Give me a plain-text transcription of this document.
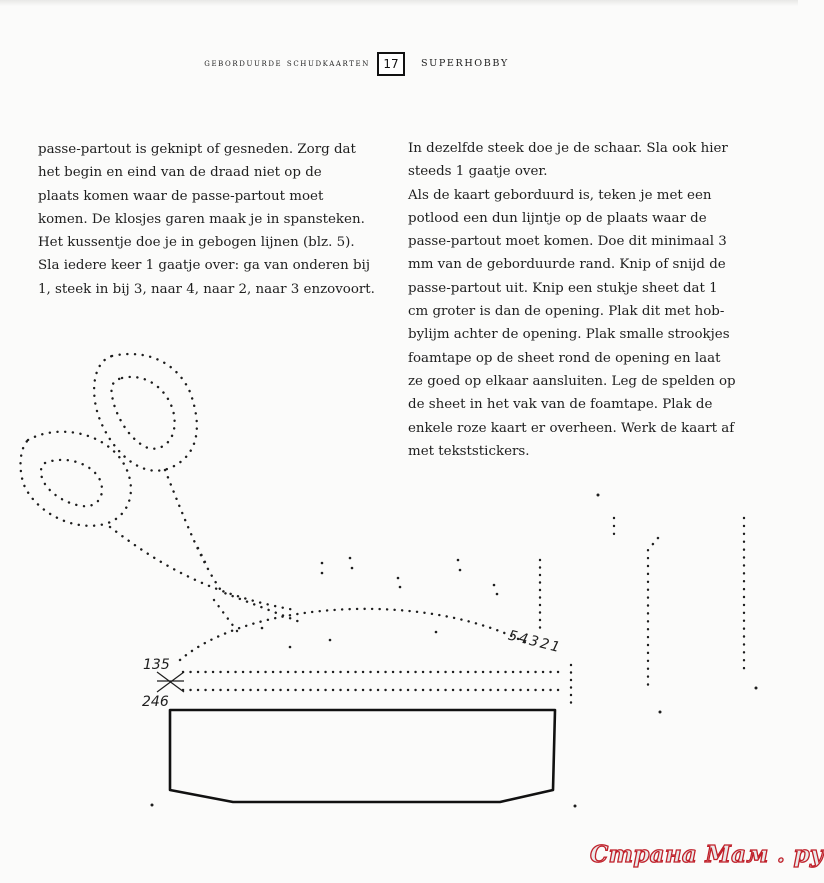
geborduurde schudkaarten 17 SUPERHOBBY

passe-partout is geknipt of gesneden. Zorg dat

het begin en eind van de draad niet op de

plaats komen waar de passe-partout moet

komen. De klosjes garen maak je in spansteken.

Het kussentje doe je in gebogen lijnen (blz. 5).

Sla iedere keer 1 gaatje over: ga van onderen bij

1, steek in bij 3, naar 4, naar 2, naar 3 enzovoort.

In dezelfde steek doe je de schaar. Sla ook hier

steeds 1 gaatje over.

Als de kaart geborduurd is, teken je met een

potlood een dun lijntje op de plaats waar de

passe-partout moet komen. Doe dit minimaal 3

mm van de geborduurde rand. Knip of snijd de

passe-partout uit. Knip een stukje sheet dat 1

cm groter is dan de opening. Plak dit met hob-

bylijm achter de opening. Plak smalle strookjes

foamtape op de sheet rond de opening en laat

ze goed op elkaar aansluiten. Leg de spelden op

de sheet in het vak van de foamtape. Plak de

enkele roze kaart er overheen. Werk de kaart af

met tekststickers.

135
246
54321
Страна Мам . ру
